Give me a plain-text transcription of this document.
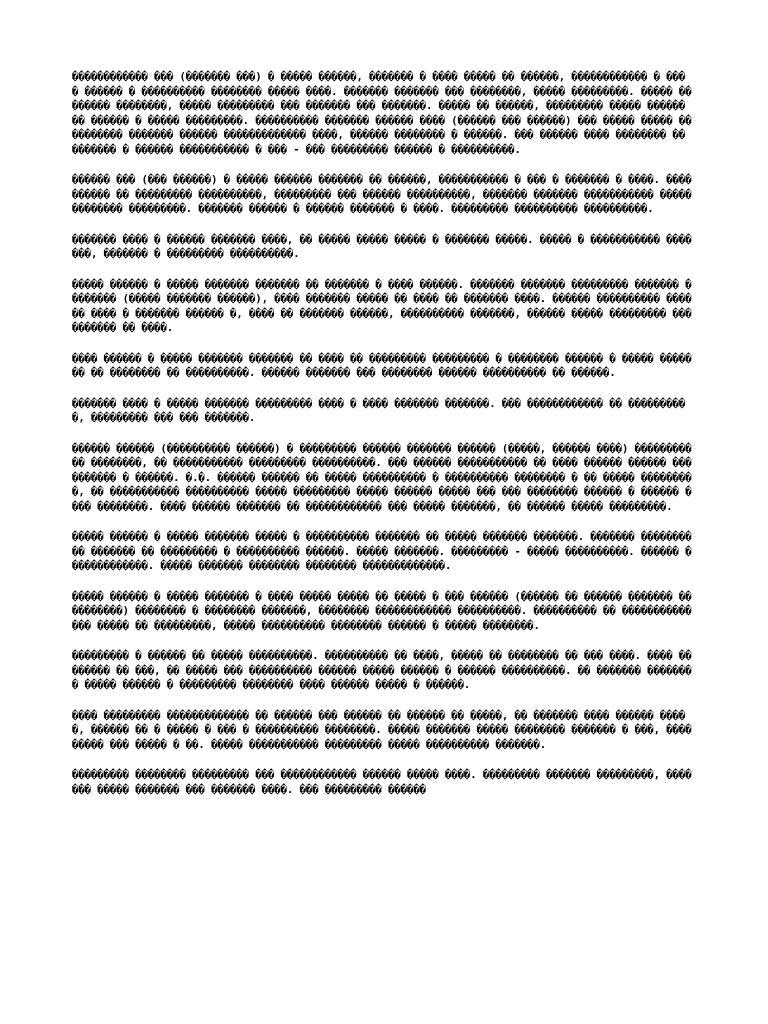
������������ ��� (������� ���) � ����� ������, ������� � ���� ����� �� ������, ������������ � ��� � ������ � ���������� �������� ����� ����. ������� ������� ��� ��������, ����� ���������. ����� �������� ��������, ����� ��������� ��� ������� ��� �������. ����� �� ������, ��������� ����� ������ �� ������ � ����� ���������. ���������� ������� ������ ���� (������ ��� ������) ��� ����� ����� �� �������� ������� ������ ������������� ����, ������ �������� � ������. ��� ������ ���� �������� �� ������� � ������ ����������� � ��� - ��� ��������� ������ � ����������.

������ ��� (��� ������) � ����� ������ ������� �� ������, ����������� � ��� � ������� � ����. ���������� �� ��������� ����������, ��������� ��� ������ ����������, ������� ������� ����������� ������������� ���������. ������� ������ � ������ ������� � ����. ��������� ���������� ����������.

������� ���� � ������ ������� ����, �� ����� ����� ����� � ������� �����. ����� � ����������� �������, ������� � ��������� ����������.

����� ������ � ����� ������� ������� �� ������� � ���� ������. ������� ������� ��������� ������� �������� (����� ������� ������), ���� ������� ����� �� ���� �� ������� ����. ������ ���������� ������ ���� � ������� ������ �, ���� �� ������� ������, ���������� �������, ������ ����� ��������� ��� ������� �� ����.

���� ������ � ����� ������� ������� �� ���� �� ��������� ��������� � �������� ������ � ����� ������� �� �������� �� ����������. ������ ������� ��� �������� ������ ���������� �� ������.

������� ���� � ����� ������� ��������� ���� � ���� ������� �������. ��� ������������ �� ����������, ��������� ��� ��� �������.

������ ������ (���������� ������) � ��������� ������ ������� ������ (�����, ������ ����) ��������� �� ��������, �� ����������� ��������� ����������. ��� ������ ����������� �� ���� ������ ������ ���������� � ������. �.�. ������ ������ �� ����� ���������� � ���������� �������� � �� ����� ���������, �� ����������� ���������� ����� ��������� ����� ������ ����� ��� ��� �������� ������ � ������ ���� ��������. ���� ������ ������� �� ������������ ��� ����� �������, �� ������ ����� ���������.

����� ������ � ����� ������� ����� � ���������� ������� �� ����� ������� �������. ������� ���������� ������� �� ��������� � ���������� ������. ����� �������. ��������� - ����� ����������. ������ �������������. ����� ������� �������� �������� �������������.

����� ������ � ����� ������� � ���� ����� ����� �� ����� � ��� ������ (������ �� ������ ������� ����������) �������� � �������� �������, �������� ������������ ����������. ���������� �� �������������� ����� �� ���������, ����� ���������� �������� ������ � ����� ��������.

��������� � ������ �� ����� ����������. ���������� �� ����, ����� �� �������� �� ��� ����. ���� �� ������ �� ���, �� ����� ��� ���������� ������ ����� ������ � ������ ����������. �� ������� �������� ����� ������ � ��������� �������� ���� ������ ����� � ������.

���� ��������� ������������� �� ������ ��� ������ �� ������ �� �����, �� ������� ���� ������ �����, ������ �� � ����� � ��� � ���������� ��������. ����� ������� ����� �������� ������� � ���, ��������� ��� ����� � ��. ����� ����������� ��������� ����� ���������� �������.

��������� �������� ��������� ��� ������������ ������ ����� ����. ��������� ������� ���������, ������� ����� ������� ��� ������� ����. ��� ��������� ������
